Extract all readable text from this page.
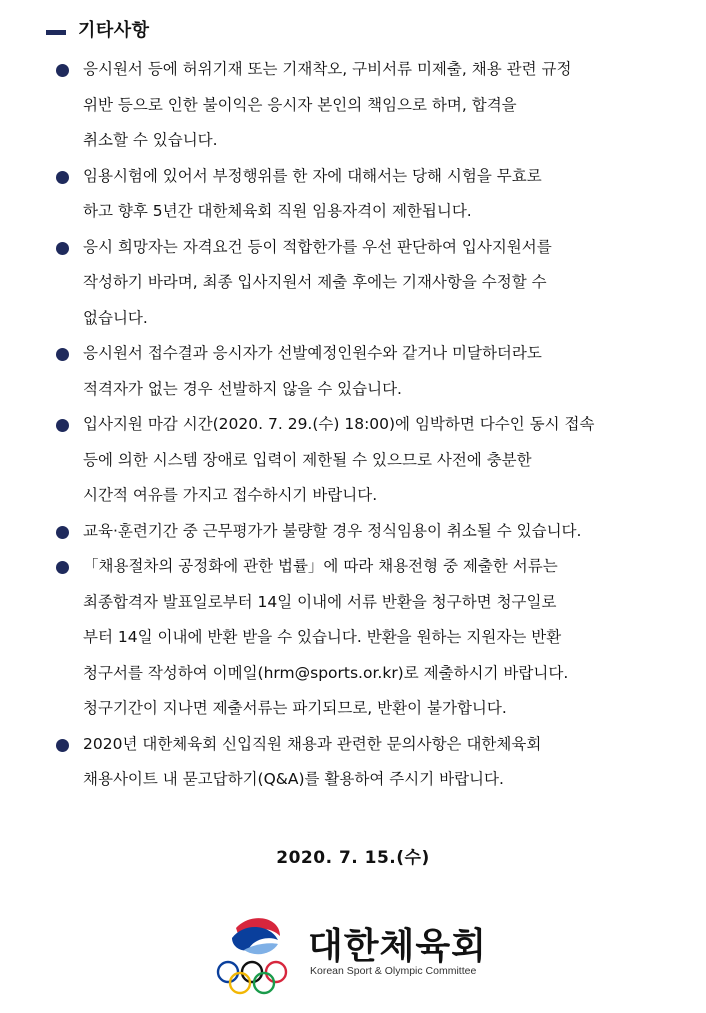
기타사항
응시원서 등에 허위기재 또는 기재착오, 구비서류 미제출, 채용 관련 규정
위반 등으로 인한 불이익은 응시자 본인의 책임으로 하며, 합격을
취소할 수 있습니다.
임용시험에 있어서 부정행위를 한 자에 대해서는 당해 시험을 무효로
하고 향후 5년간 대한체육회 직원 임용자격이 제한됩니다.
응시 희망자는 자격요건 등이 적합한가를 우선 판단하여 입사지원서를
작성하기 바라며, 최종 입사지원서 제출 후에는 기재사항을 수정할 수
없습니다.
응시원서 접수결과 응시자가 선발예정인원수와 같거나 미달하더라도
적격자가 없는 경우 선발하지 않을 수 있습니다.
입사지원 마감 시간(2020. 7. 29.(수) 18:00)에 임박하면 다수인 동시 접속
등에 의한 시스템 장애로 입력이 제한될 수 있으므로 사전에 충분한
시간적 여유를 가지고 접수하시기 바랍니다.
교육·훈련기간 중 근무평가가 불량할 경우 정식임용이 취소될 수 있습니다.
「채용절차의 공정화에 관한 법률」에 따라 채용전형 중 제출한 서류는
최종합격자 발표일로부터 14일 이내에 서류 반환을 청구하면 청구일로
부터 14일 이내에 반환 받을 수 있습니다. 반환을 원하는 지원자는 반환
청구서를 작성하여 이메일(hrm@sports.or.kr)로 제출하시기 바랍니다.
청구기간이 지나면 제출서류는 파기되므로, 반환이 불가합니다.
2020년 대한체육회 신입직원 채용과 관련한 문의사항은 대한체육회
채용사이트 내 묻고답하기(Q&A)를 활용하여 주시기 바랍니다.
2020. 7. 15.(수)
대한체육회
Korean Sport & Olympic Committee
